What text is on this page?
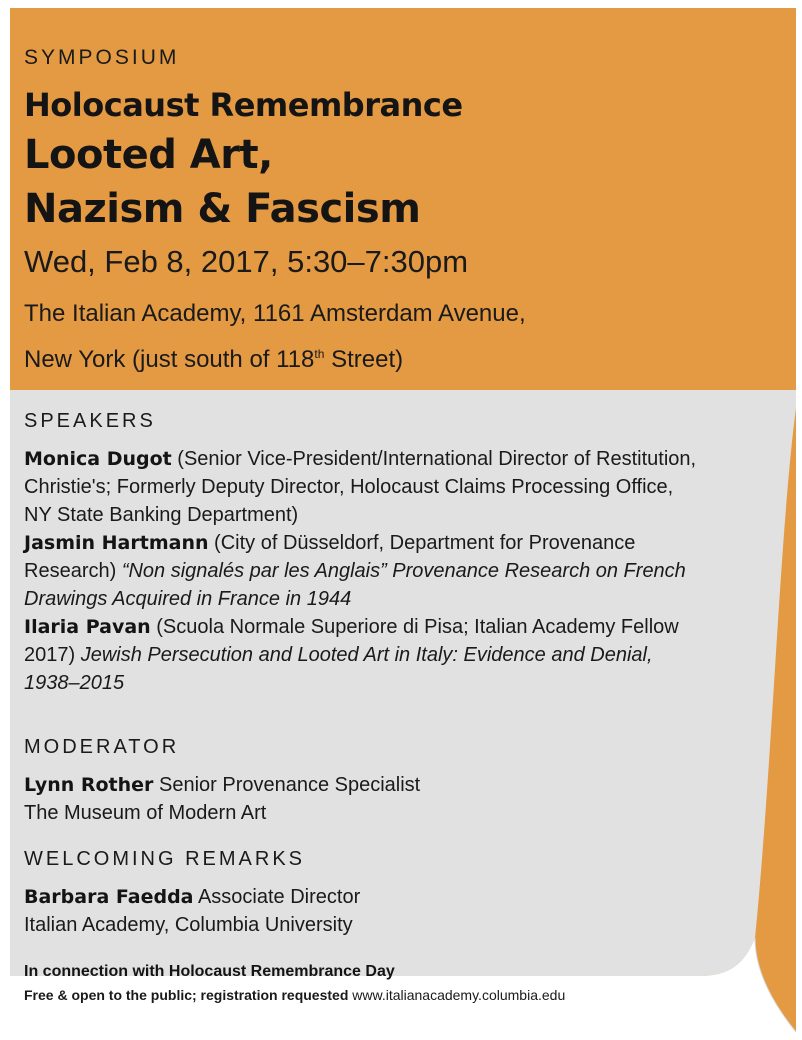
SYMPOSIUM
Holocaust Remembrance
Looted Art,
Nazism & Fascism
Wed, Feb 8, 2017, 5:30–7:30pm
The Italian Academy, 1161 Amsterdam Avenue,
New York (just south of 118th Street)
SPEAKERS

Monica Dugot (Senior Vice-President/International Director of Restitution, Christie's; Formerly Deputy Director, Holocaust Claims Processing Office, NY State Banking Department)

Jasmin Hartmann (City of Düsseldorf, Department for Provenance Research) “Non signalés par les Anglais” Provenance Research on French Drawings Acquired in France in 1944

Ilaria Pavan (Scuola Normale Superiore di Pisa; Italian Academy Fellow 2017) Jewish Persecution and Looted Art in Italy: Evidence and Denial, 1938–2015

MODERATOR

Lynn Rother Senior Provenance Specialist

The Museum of Modern Art

WELCOMING REMARKS

Barbara Faedda Associate Director

Italian Academy, Columbia University

In connection with Holocaust Remembrance Day
Free & open to the public; registration requested www.italianacademy.columbia.edu
